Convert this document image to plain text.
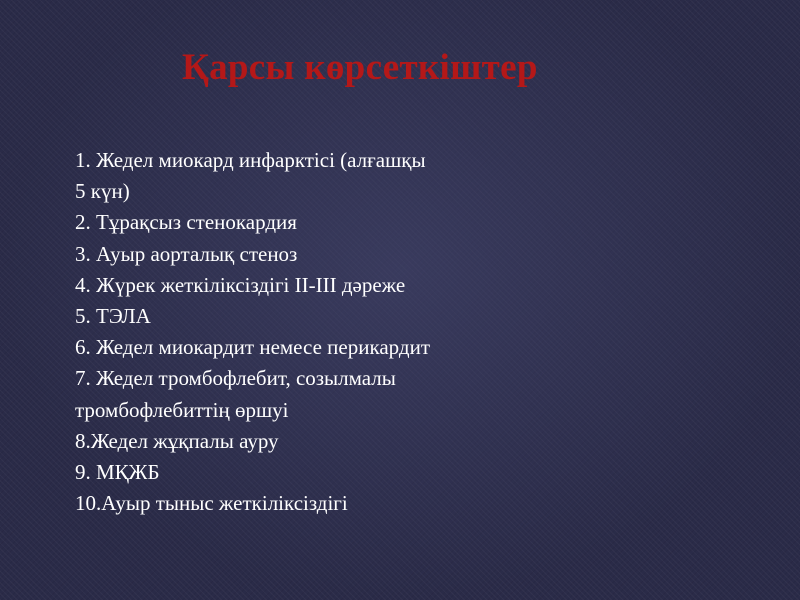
Қарсы көрсеткіштер
1. Жедел миокард инфарктісі (алғашқы
5 күн)
2. Тұрақсыз стенокардия
3. Ауыр аорталық стеноз
4. Жүрек жеткіліксіздігі ІІ-ІІІ дәреже
5. ТЭЛА
6. Жедел миокардит немесе перикардит
7. Жедел тромбофлебит, созылмалы
тромбофлебиттің өршуі
8.Жедел жұқпалы ауру
9. МҚЖБ
10.Ауыр тыныс жеткіліксіздігі
